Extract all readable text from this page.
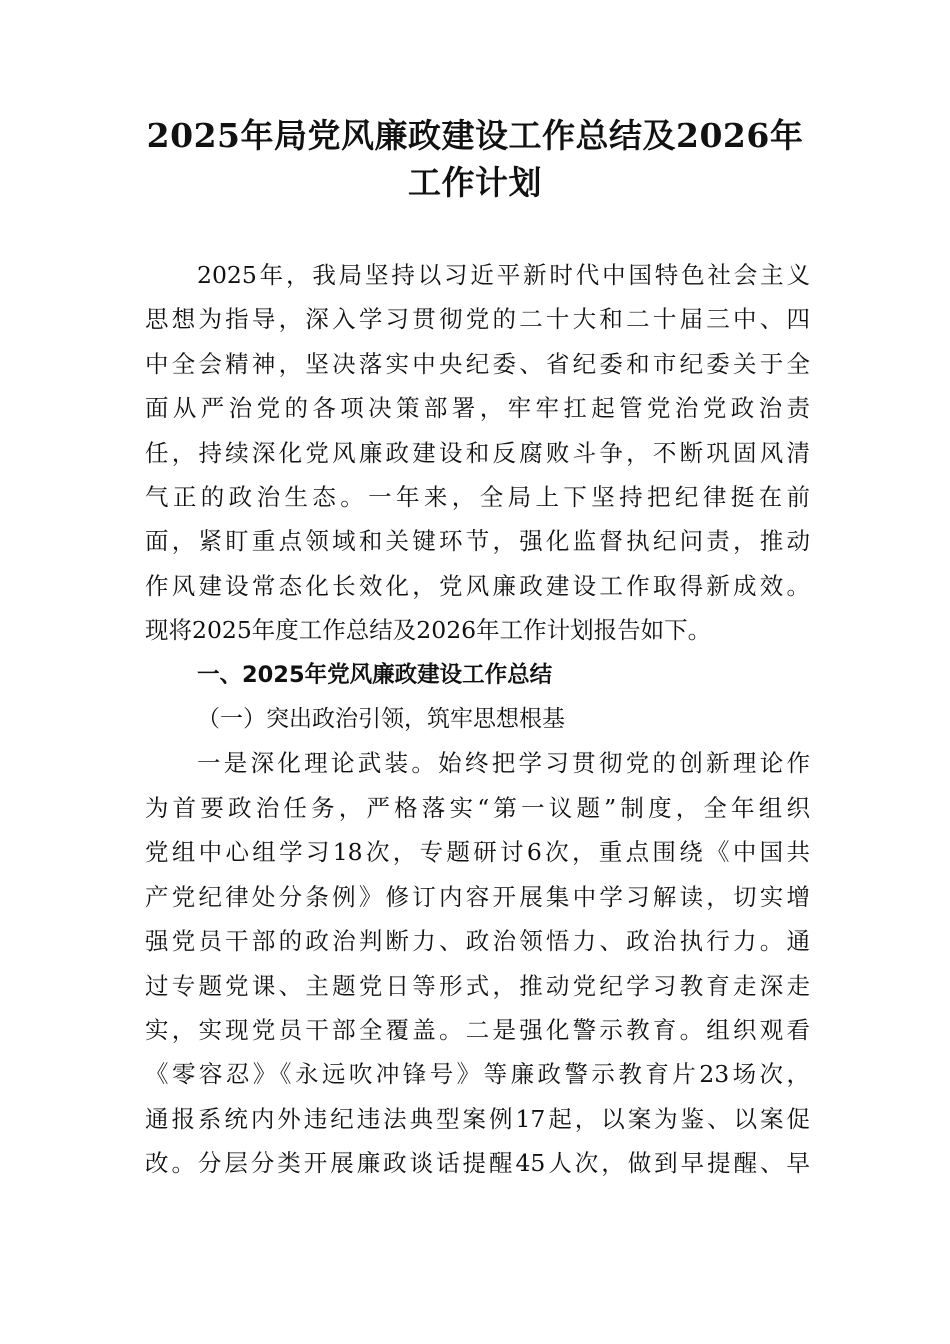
2025年局党风廉政建设工作总结及2026年
工作计划
2025年，我局坚持以习近平新时代中国特色社会主义
思想为指导，深入学习贯彻党的二十大和二十届三中、四
中全会精神，坚决落实中央纪委、省纪委和市纪委关于全
面从严治党的各项决策部署，牢牢扛起管党治党政治责
任，持续深化党风廉政建设和反腐败斗争，不断巩固风清
气正的政治生态。一年来，全局上下坚持把纪律挺在前
面，紧盯重点领域和关键环节，强化监督执纪问责，推动
作风建设常态化长效化，党风廉政建设工作取得新成效。
现将2025年度工作总结及2026年工作计划报告如下。
一、2025年党风廉政建设工作总结
（一）突出政治引领，筑牢思想根基
一是深化理论武装。始终把学习贯彻党的创新理论作
为首要政治任务，严格落实“第一议题”制度，全年组织
党组中心组学习18次，专题研讨6次，重点围绕《中国共
产党纪律处分条例》修订内容开展集中学习解读，切实增
强党员干部的政治判断力、政治领悟力、政治执行力。通
过专题党课、主题党日等形式，推动党纪学习教育走深走
实，实现党员干部全覆盖。二是强化警示教育。组织观看
《零容忍》《永远吹冲锋号》等廉政警示教育片23场次，
通报系统内外违纪违法典型案例17起，以案为鉴、以案促
改。分层分类开展廉政谈话提醒45人次，做到早提醒、早
